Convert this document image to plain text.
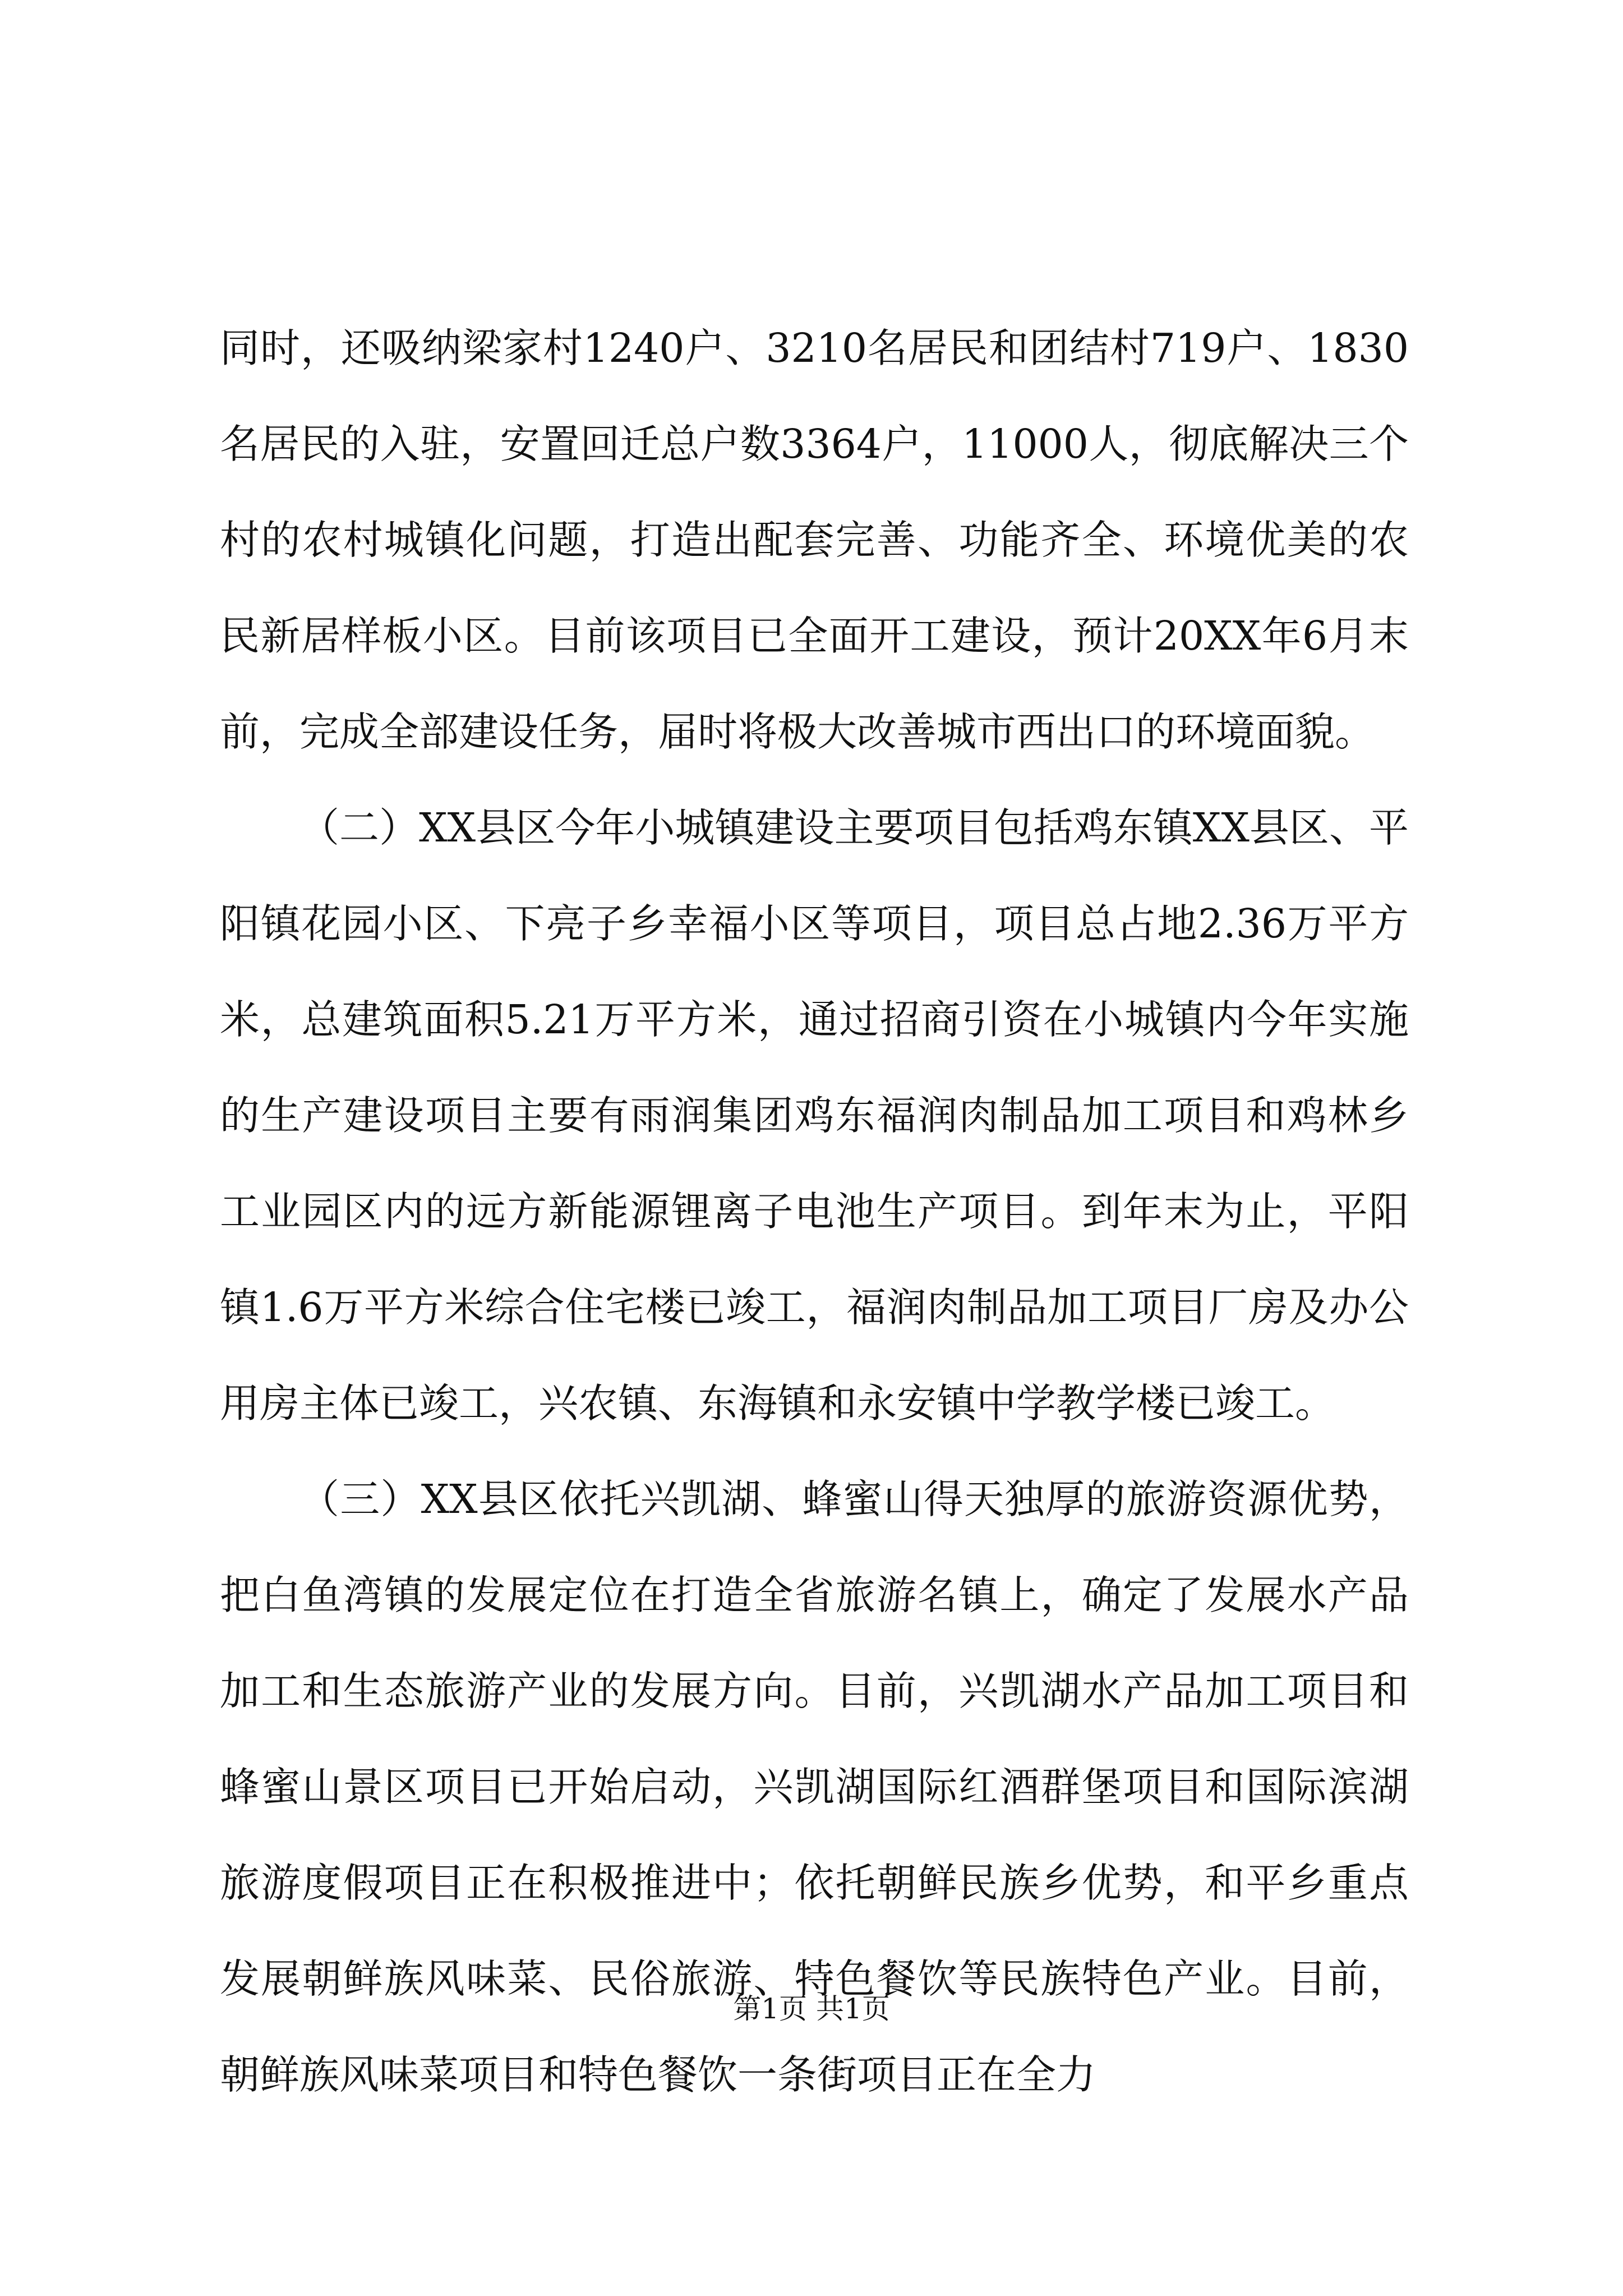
同时，还吸纳梁家村1240户、3210名居民和团结村719户、1830名居民的入驻，安置回迁总户数3364户，11000人，彻底解决三个村的农村城镇化问题，打造出配套完善、功能齐全、环境优美的农民新居样板小区。目前该项目已全面开工建设，预计20XX年6月末前，完成全部建设任务，届时将极大改善城市西出口的环境面貌。

（二）XX县区今年小城镇建设主要项目包括鸡东镇XX县区、平阳镇花园小区、下亮子乡幸福小区等项目，项目总占地2.36万平方米，总建筑面积5.21万平方米，通过招商引资在小城镇内今年实施的生产建设项目主要有雨润集团鸡东福润肉制品加工项目和鸡林乡工业园区内的远方新能源锂离子电池生产项目。到年末为止，平阳镇1.6万平方米综合住宅楼已竣工，福润肉制品加工项目厂房及办公用房主体已竣工，兴农镇、东海镇和永安镇中学教学楼已竣工。

（三）XX县区依托兴凯湖、蜂蜜山得天独厚的旅游资源优势，把白鱼湾镇的发展定位在打造全省旅游名镇上，确定了发展水产品加工和生态旅游产业的发展方向。目前，兴凯湖水产品加工项目和蜂蜜山景区项目已开始启动，兴凯湖国际红酒群堡项目和国际滨湖旅游度假项目正在积极推进中；依托朝鲜民族乡优势，和平乡重点发展朝鲜族风味菜、民俗旅游、特色餐饮等民族特色产业。目前，朝鲜族风味菜项目和特色餐饮一条街项目正在全力

第1页 共1页
